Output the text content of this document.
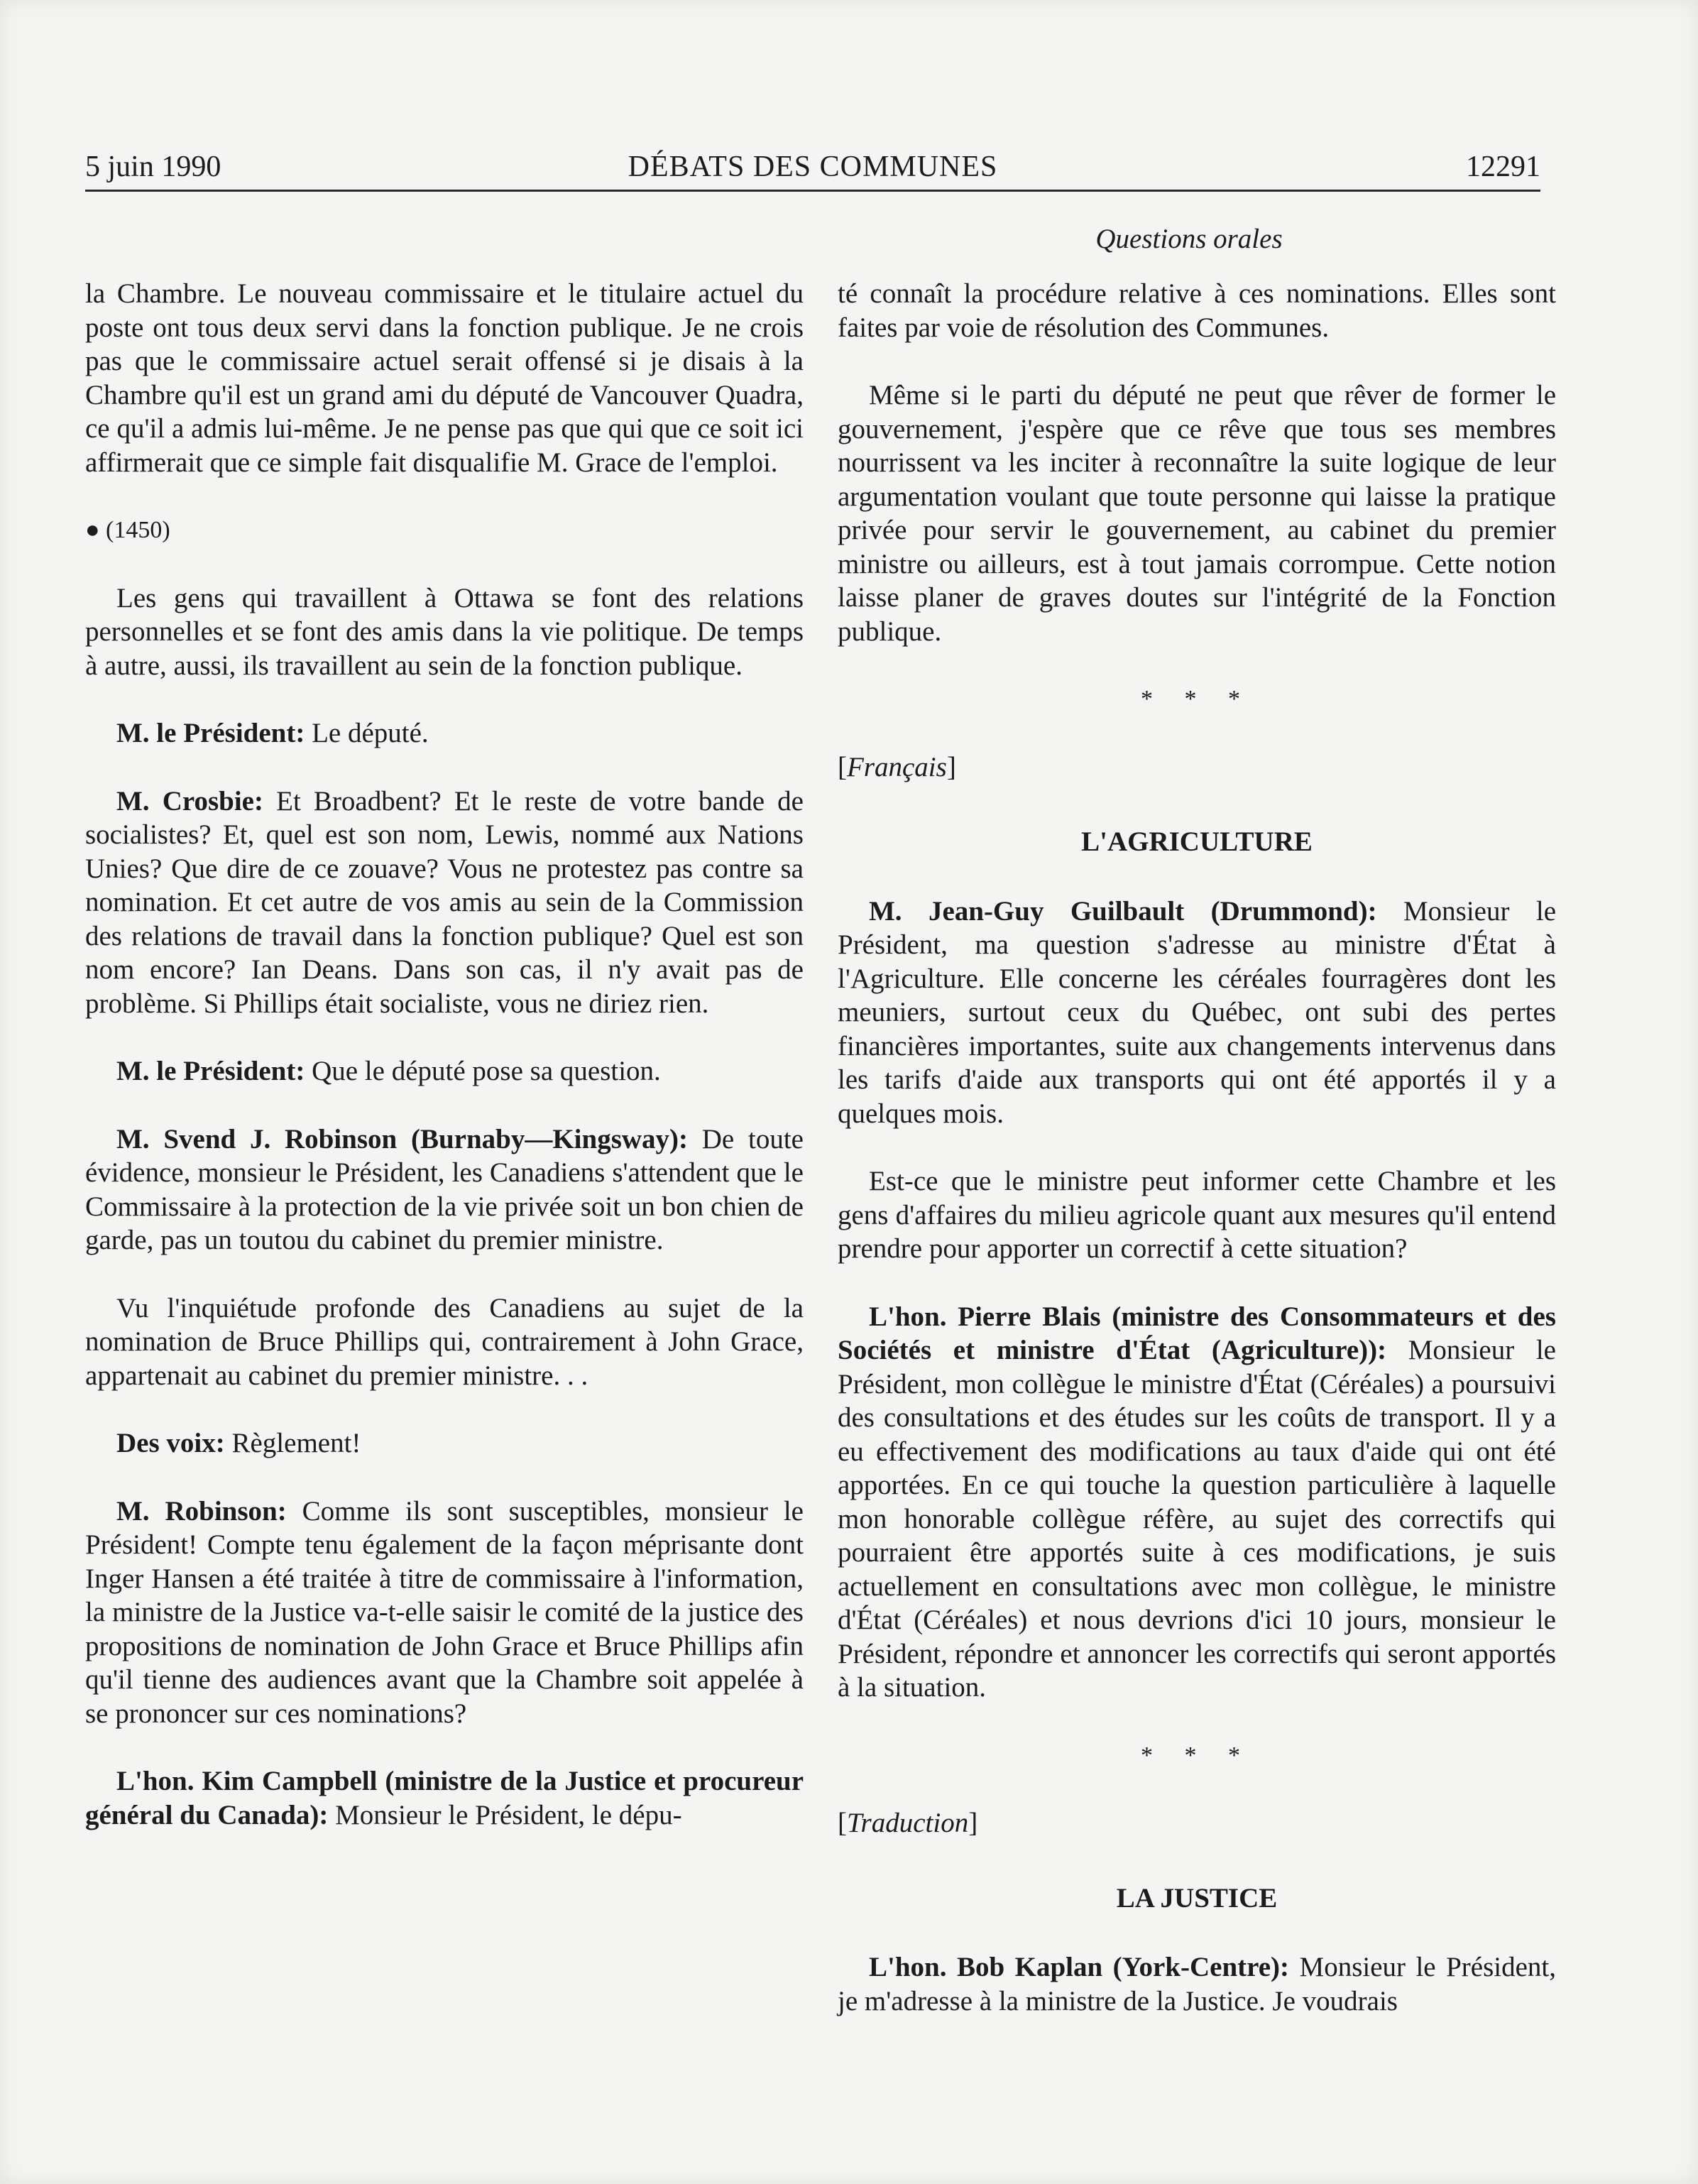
5 juin 1990	DÉBATS DES COMMUNES	12291
Questions orales

la Chambre. Le nouveau commissaire et le titulaire actuel du poste ont tous deux servi dans la fonction publique. Je ne crois pas que le commissaire actuel serait offensé si je disais à la Chambre qu'il est un grand ami du député de Vancouver Quadra, ce qu'il a admis lui-même. Je ne pense pas que qui que ce soit ici affirmerait que ce simple fait disqualifie M. Grace de l'emploi.

● (1450)

Les gens qui travaillent à Ottawa se font des relations personnelles et se font des amis dans la vie politique. De temps à autre, aussi, ils travaillent au sein de la fonction publique.

M. le Président: Le député.

M. Crosbie: Et Broadbent? Et le reste de votre bande de socialistes? Et, quel est son nom, Lewis, nommé aux Nations Unies? Que dire de ce zouave? Vous ne protestez pas contre sa nomination. Et cet autre de vos amis au sein de la Commission des relations de travail dans la fonction publique? Quel est son nom encore? Ian Deans. Dans son cas, il n'y avait pas de problème. Si Phillips était socialiste, vous ne diriez rien.

M. le Président: Que le député pose sa question.

M. Svend J. Robinson (Burnaby—Kingsway): De toute évidence, monsieur le Président, les Canadiens s'attendent que le Commissaire à la protection de la vie privée soit un bon chien de garde, pas un toutou du cabinet du premier ministre.

Vu l'inquiétude profonde des Canadiens au sujet de la nomination de Bruce Phillips qui, contrairement à John Grace, appartenait au cabinet du premier ministre. . .

Des voix: Règlement!

M. Robinson: Comme ils sont susceptibles, monsieur le Président! Compte tenu également de la façon méprisante dont Inger Hansen a été traitée à titre de commissaire à l'information, la ministre de la Justice va-t-elle saisir le comité de la justice des propositions de nomination de John Grace et Bruce Phillips afin qu'il tienne des audiences avant que la Chambre soit appelée à se prononcer sur ces nominations?

L'hon. Kim Campbell (ministre de la Justice et procureur général du Canada): Monsieur le Président, le dépu-

té connaît la procédure relative à ces nominations. Elles sont faites par voie de résolution des Communes.

Même si le parti du député ne peut que rêver de former le gouvernement, j'espère que ce rêve que tous ses membres nourrissent va les inciter à reconnaître la suite logique de leur argumentation voulant que toute personne qui laisse la pratique privée pour servir le gouvernement, au cabinet du premier ministre ou ailleurs, est à tout jamais corrompue. Cette notion laisse planer de graves doutes sur l'intégrité de la Fonction publique.

* * *
[Français]
L'AGRICULTURE

M. Jean-Guy Guilbault (Drummond): Monsieur le Président, ma question s'adresse au ministre d'État à l'Agriculture. Elle concerne les céréales fourragères dont les meuniers, surtout ceux du Québec, ont subi des pertes financières importantes, suite aux changements intervenus dans les tarifs d'aide aux transports qui ont été apportés il y a quelques mois.

Est-ce que le ministre peut informer cette Chambre et les gens d'affaires du milieu agricole quant aux mesures qu'il entend prendre pour apporter un correctif à cette situation?

L'hon. Pierre Blais (ministre des Consommateurs et des Sociétés et ministre d'État (Agriculture)): Monsieur le Président, mon collègue le ministre d'État (Céréales) a poursuivi des consultations et des études sur les coûts de transport. Il y a eu effectivement des modifications au taux d'aide qui ont été apportées. En ce qui touche la question particulière à laquelle mon honorable collègue réfère, au sujet des correctifs qui pourraient être apportés suite à ces modifications, je suis actuellement en consultations avec mon collègue, le ministre d'État (Céréales) et nous devrions d'ici 10 jours, monsieur le Président, répondre et annoncer les correctifs qui seront apportés à la situation.

* * *
[Traduction]
LA JUSTICE

L'hon. Bob Kaplan (York-Centre): Monsieur le Président, je m'adresse à la ministre de la Justice. Je voudrais
